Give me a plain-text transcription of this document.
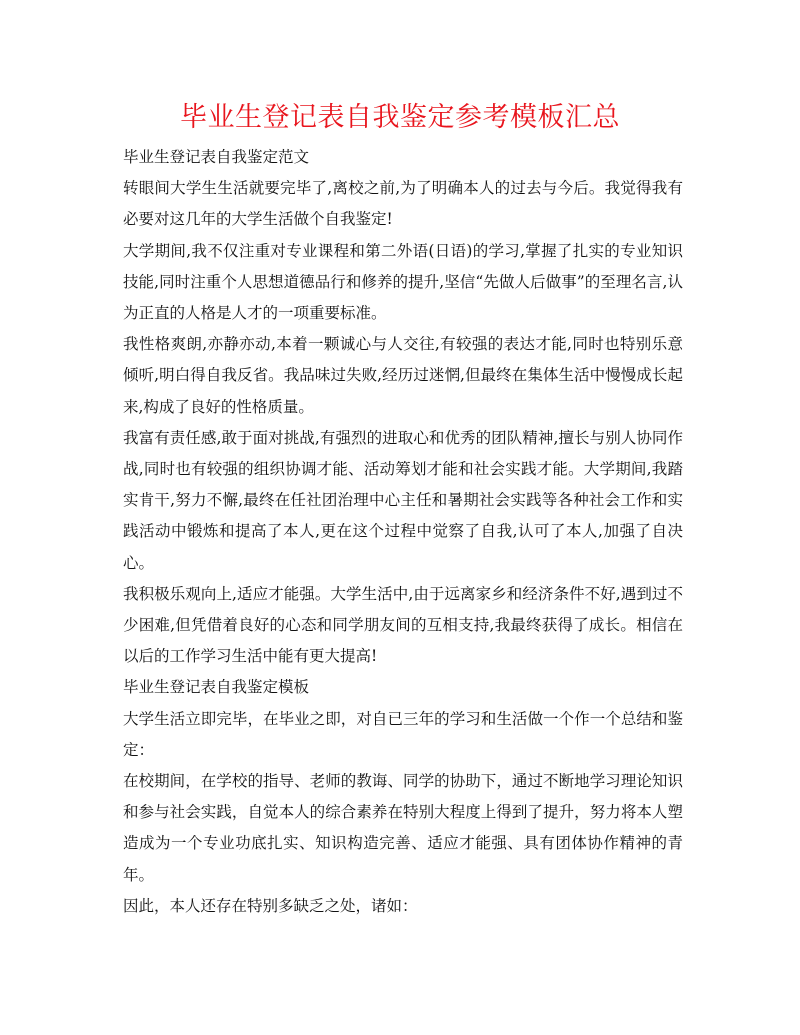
毕业生登记表自我鉴定参考模板汇总

毕业生登记表自我鉴定范文

转眼间大学生生活就要完毕了,离校之前,为了明确本人的过去与今后。我觉得我有必要对这几年的大学生活做个自我鉴定!

大学期间,我不仅注重对专业课程和第二外语(日语)的学习,掌握了扎实的专业知识技能,同时注重个人思想道德品行和修养的提升,坚信“先做人后做事”的至理名言,认为正直的人格是人才的一项重要标准。

我性格爽朗,亦静亦动,本着一颗诚心与人交往,有较强的表达才能,同时也特别乐意倾听,明白得自我反省。我品味过失败,经历过迷惘,但最终在集体生活中慢慢成长起来,构成了良好的性格质量。

我富有责任感,敢于面对挑战,有强烈的进取心和优秀的团队精神,擅长与别人协同作战,同时也有较强的组织协调才能、活动筹划才能和社会实践才能。大学期间,我踏实肯干,努力不懈,最终在任社团治理中心主任和暑期社会实践等各种社会工作和实践活动中锻炼和提高了本人,更在这个过程中觉察了自我,认可了本人,加强了自决心。

我积极乐观向上,适应才能强。大学生活中,由于远离家乡和经济条件不好,遇到过不少困难,但凭借着良好的心态和同学朋友间的互相支持,我最终获得了成长。相信在以后的工作学习生活中能有更大提高!

毕业生登记表自我鉴定模板

大学生活立即完毕，在毕业之即，对自已三年的学习和生活做一个作一个总结和鉴定：

在校期间，在学校的指导、老师的教诲、同学的协助下，通过不断地学习理论知识和参与社会实践，自觉本人的综合素养在特别大程度上得到了提升，努力将本人塑造成为一个专业功底扎实、知识构造完善、适应才能强、具有团体协作精神的青年。

因此，本人还存在特别多缺乏之处，诸如：
